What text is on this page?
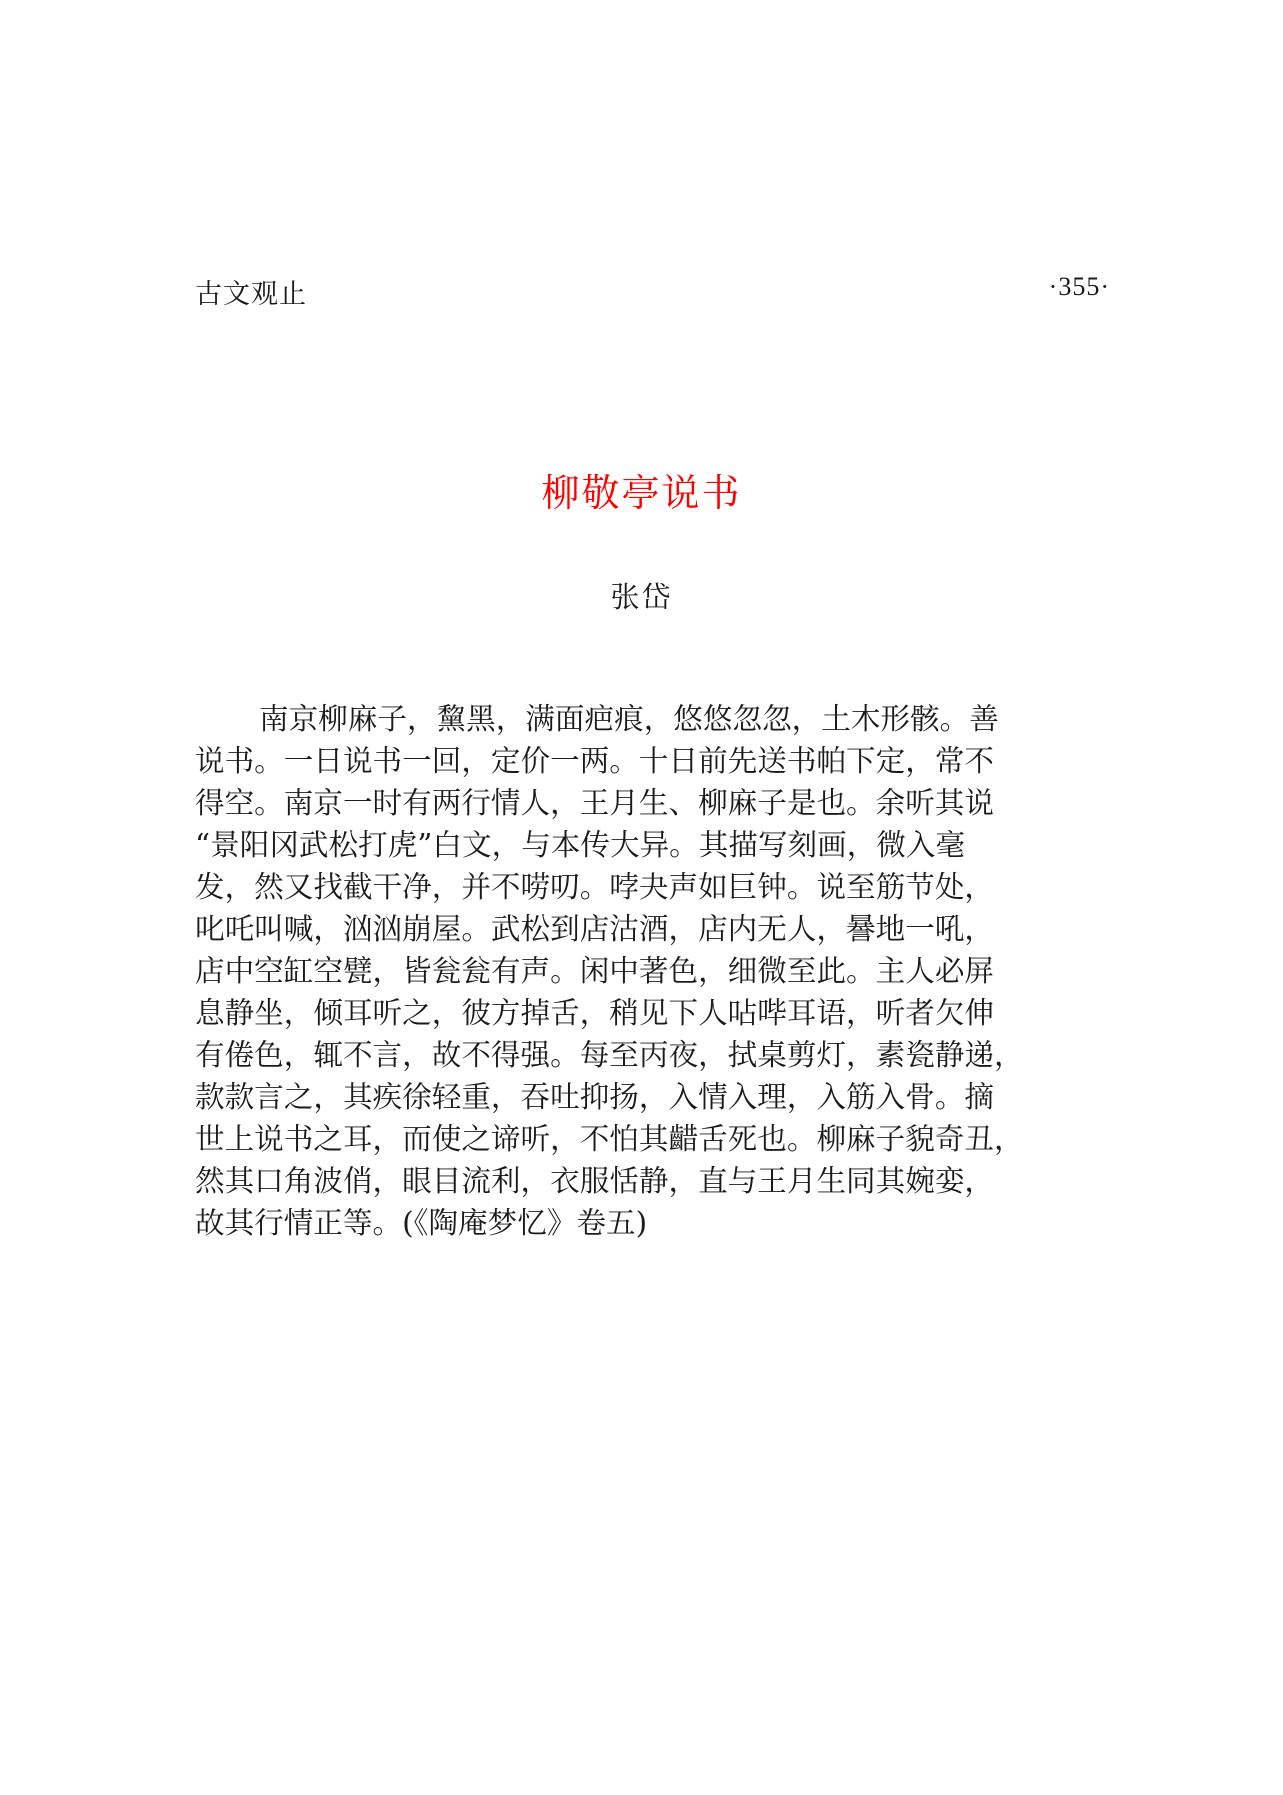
古文观止	·355·
柳敬亭说书
张岱

南京柳麻子，黧黑，满面疤痕，悠悠忽忽，土木形骸。善
说书。一日说书一回，定价一两。十日前先送书帕下定，常不
得空。南京一时有两行情人，王月生、柳麻子是也。余听其说
“景阳冈武松打虎”白文，与本传大异。其描写刻画，微入毫
发，然又找截干净，并不唠叨。哱夬声如巨钟。说至筋节处，
叱吒叫喊，汹汹崩屋。武松到店沽酒，店内无人，謈地一吼，
店中空缸空甓，皆瓮瓮有声。闲中著色，细微至此。主人必屏
息静坐，倾耳听之，彼方掉舌，稍见下人呫哔耳语，听者欠伸
有倦色，辄不言，故不得强。每至丙夜，拭桌剪灯，素瓷静递，
款款言之，其疾徐轻重，吞吐抑扬，入情入理，入筋入骨。摘
世上说书之耳，而使之谛听，不怕其齰舌死也。柳麻子貌奇丑，
然其口角波俏，眼目流利，衣服恬静，直与王月生同其婉娈，
故其行情正等。(《陶庵梦忆》卷五)
